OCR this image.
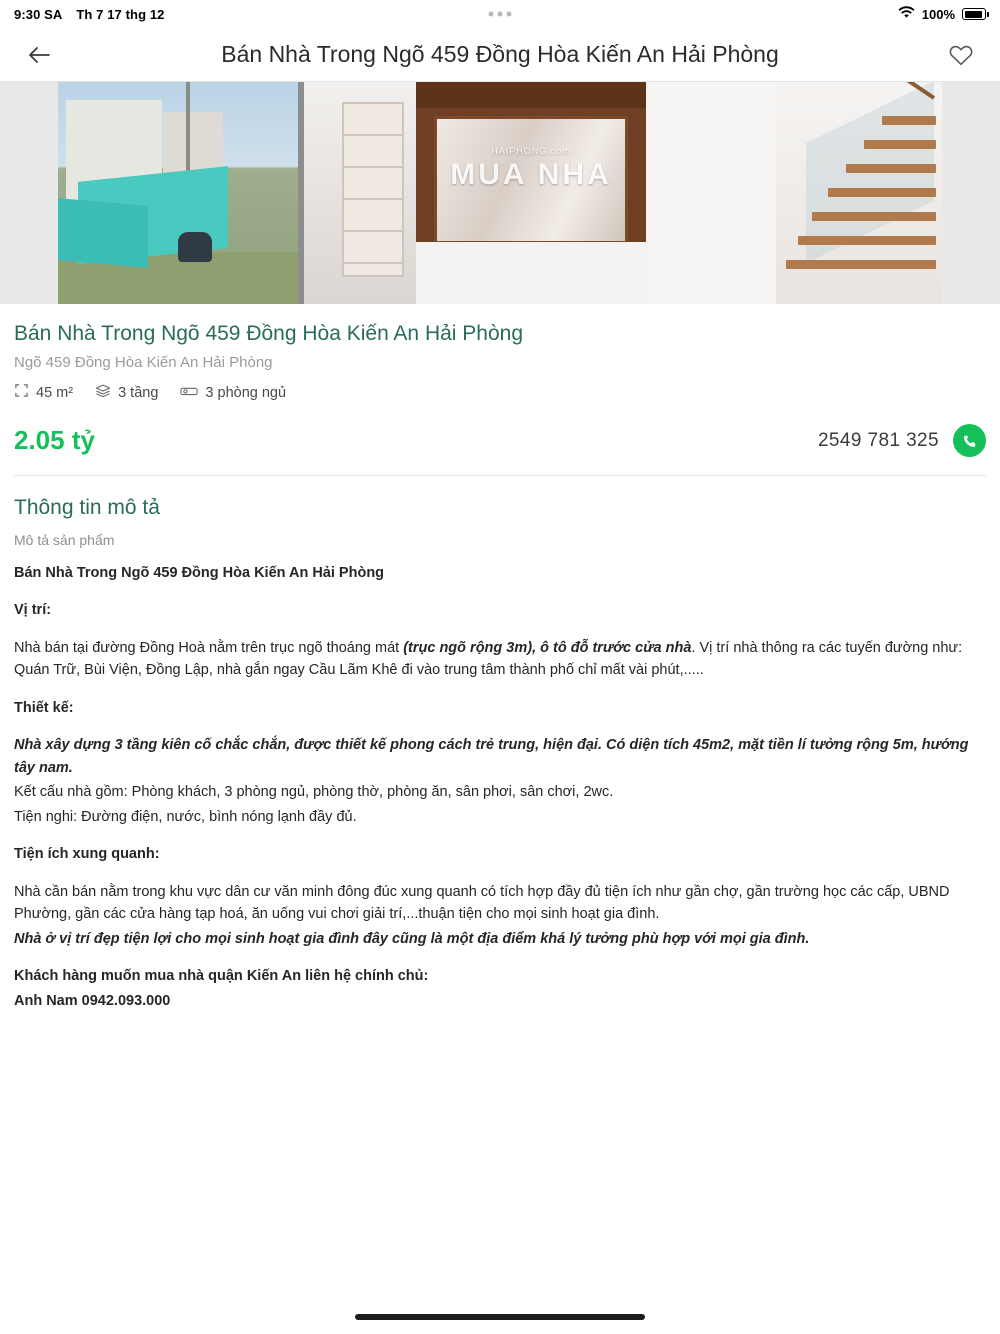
9:30 SA Th 7 17 thg 12	100%
Bán Nhà Trong Ngõ 459 Đồng Hòa Kiến An Hải Phòng
HAIPHONG.com
MUA NHA
Bán Nhà Trong Ngõ 459 Đồng Hòa Kiến An Hải Phòng
Ngõ 459 Đồng Hòa Kiến An Hải Phòng
45 m²	3 tầng	3 phòng ngủ
2.05 tỷ	2549 781 325
Thông tin mô tả
Mô tả sản phẩm

Bán Nhà Trong Ngõ 459 Đồng Hòa Kiến An Hải Phòng

Vị trí:

Nhà bán tại đường Đồng Hoà nằm trên trục ngõ thoáng mát (trục ngõ rộng 3m), ô tô đỗ trước cửa nhà. Vị trí nhà thông ra các tuyến đường như: Quán Trữ, Bùi Viện, Đồng Lập, nhà gắn ngay Cầu Lãm Khê đi vào trung tâm thành phố chỉ mất vài phút,.....

Thiết kế:

Nhà xây dựng 3 tầng kiên cố chắc chắn, được thiết kế phong cách trẻ trung, hiện đại. Có diện tích 45m2, mặt tiền lí tưởng rộng 5m, hướng tây nam.

Kết cấu nhà gồm: Phòng khách, 3 phòng ngủ, phòng thờ, phòng ăn, sân phơi, sân chơi, 2wc.

Tiện nghi: Đường điện, nước, bình nóng lạnh đầy đủ.

Tiện ích xung quanh:

Nhà cần bán nằm trong khu vực dân cư văn minh đông đúc xung quanh có tích hợp đầy đủ tiện ích như gần chợ, gần trường học các cấp, UBND Phường, gần các cửa hàng tạp hoá, ăn uống vui chơi giải trí,...thuận tiện cho mọi sinh hoạt gia đình.

Nhà ở vị trí đẹp tiện lợi cho mọi sinh hoạt gia đình đây cũng là một địa điểm khá lý tưởng phù hợp với mọi gia đình.

Khách hàng muốn mua nhà quận Kiến An liên hệ chính chủ:

Anh Nam 0942.093.000
